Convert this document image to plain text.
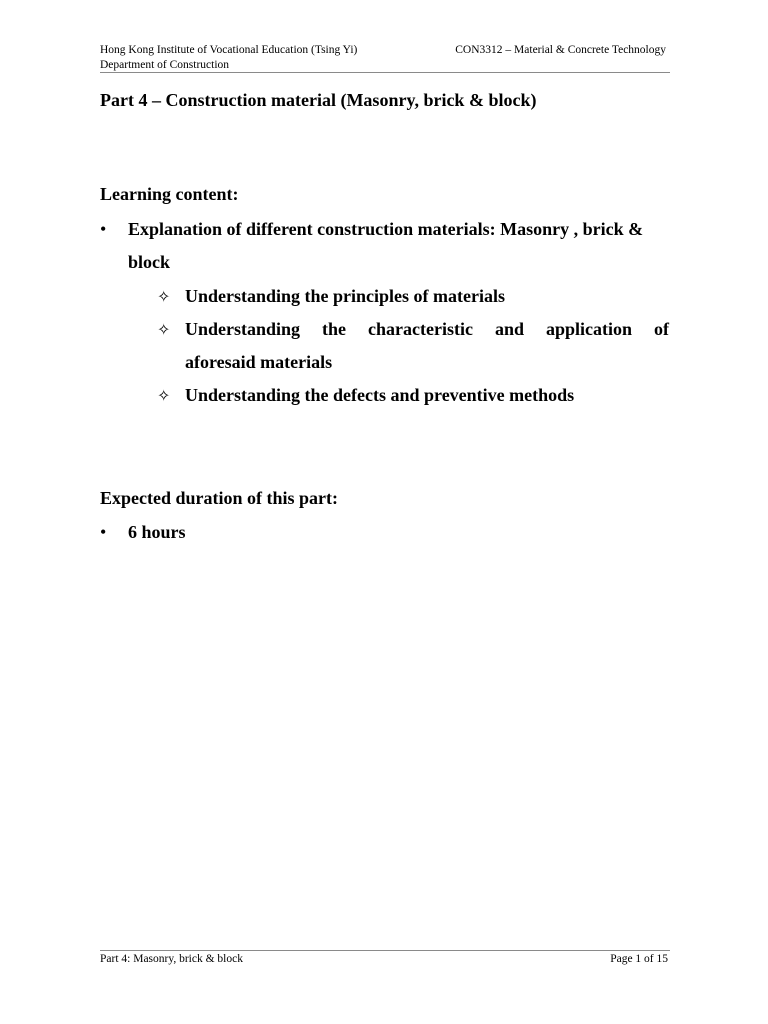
Hong Kong Institute of Vocational Education (Tsing Yi)
Department of Construction
CON3312 – Material & Concrete Technology
Part 4 – Construction material (Masonry, brick & block)
Learning content:
•	Explanation of different construction materials: Masonry , brick &
block
✧ Understanding the principles of materials
✧ Understanding the characteristic and application of
aforesaid materials
✧ Understanding the defects and preventive methods
Expected duration of this part:
•	6 hours
Part 4: Masonry, brick & block	Page 1 of 15
